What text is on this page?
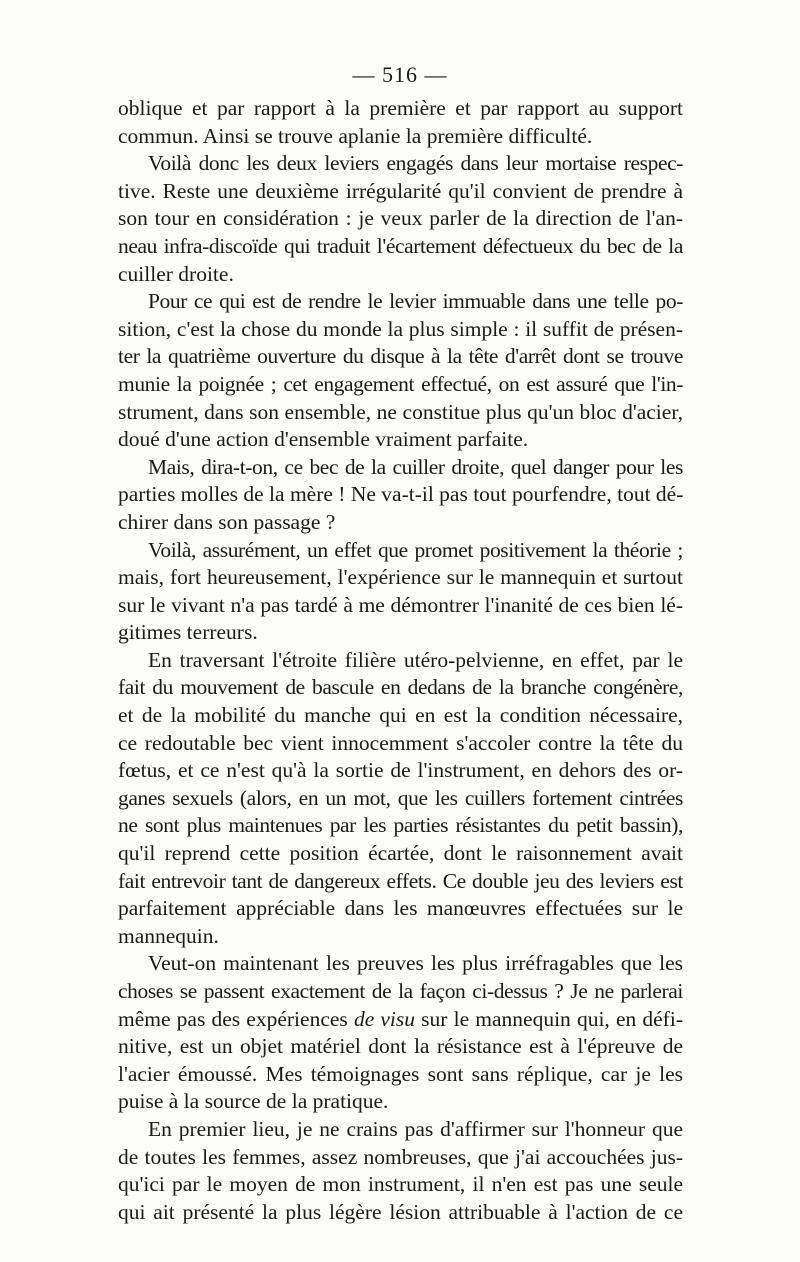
— 516 —
oblique et par rapport à la première et par rapport au support
commun. Ainsi se trouve aplanie la première difficulté.
Voilà donc les deux leviers engagés dans leur mortaise respec-
tive. Reste une deuxième irrégularité qu'il convient de prendre à
son tour en considération : je veux parler de la direction de l'an-
neau infra-discoïde qui traduit l'écartement défectueux du bec de la
cuiller droite.
Pour ce qui est de rendre le levier immuable dans une telle po-
sition, c'est la chose du monde la plus simple : il suffit de présen-
ter la quatrième ouverture du disque à la tête d'arrêt dont se trouve
munie la poignée ; cet engagement effectué, on est assuré que l'in-
strument, dans son ensemble, ne constitue plus qu'un bloc d'acier,
doué d'une action d'ensemble vraiment parfaite.
Mais, dira-t-on, ce bec de la cuiller droite, quel danger pour les
parties molles de la mère ! Ne va-t-il pas tout pourfendre, tout dé-
chirer dans son passage ?
Voilà, assurément, un effet que promet positivement la théorie ;
mais, fort heureusement, l'expérience sur le mannequin et surtout
sur le vivant n'a pas tardé à me démontrer l'inanité de ces bien lé-
gitimes terreurs.
En traversant l'étroite filière utéro-pelvienne, en effet, par le
fait du mouvement de bascule en dedans de la branche congénère,
et de la mobilité du manche qui en est la condition nécessaire,
ce redoutable bec vient innocemment s'accoler contre la tête du
fœtus, et ce n'est qu'à la sortie de l'instrument, en dehors des or-
ganes sexuels (alors, en un mot, que les cuillers fortement cintrées
ne sont plus maintenues par les parties résistantes du petit bassin),
qu'il reprend cette position écartée, dont le raisonnement avait
fait entrevoir tant de dangereux effets. Ce double jeu des leviers est
parfaitement appréciable dans les manœuvres effectuées sur le
mannequin.
Veut-on maintenant les preuves les plus irréfragables que les
choses se passent exactement de la façon ci-dessus ? Je ne parlerai
même pas des expériences de visu sur le mannequin qui, en défi-
nitive, est un objet matériel dont la résistance est à l'épreuve de
l'acier émoussé. Mes témoignages sont sans réplique, car je les
puise à la source de la pratique.
En premier lieu, je ne crains pas d'affirmer sur l'honneur que
de toutes les femmes, assez nombreuses, que j'ai accouchées jus-
qu'ici par le moyen de mon instrument, il n'en est pas une seule
qui ait présenté la plus légère lésion attribuable à l'action de ce
